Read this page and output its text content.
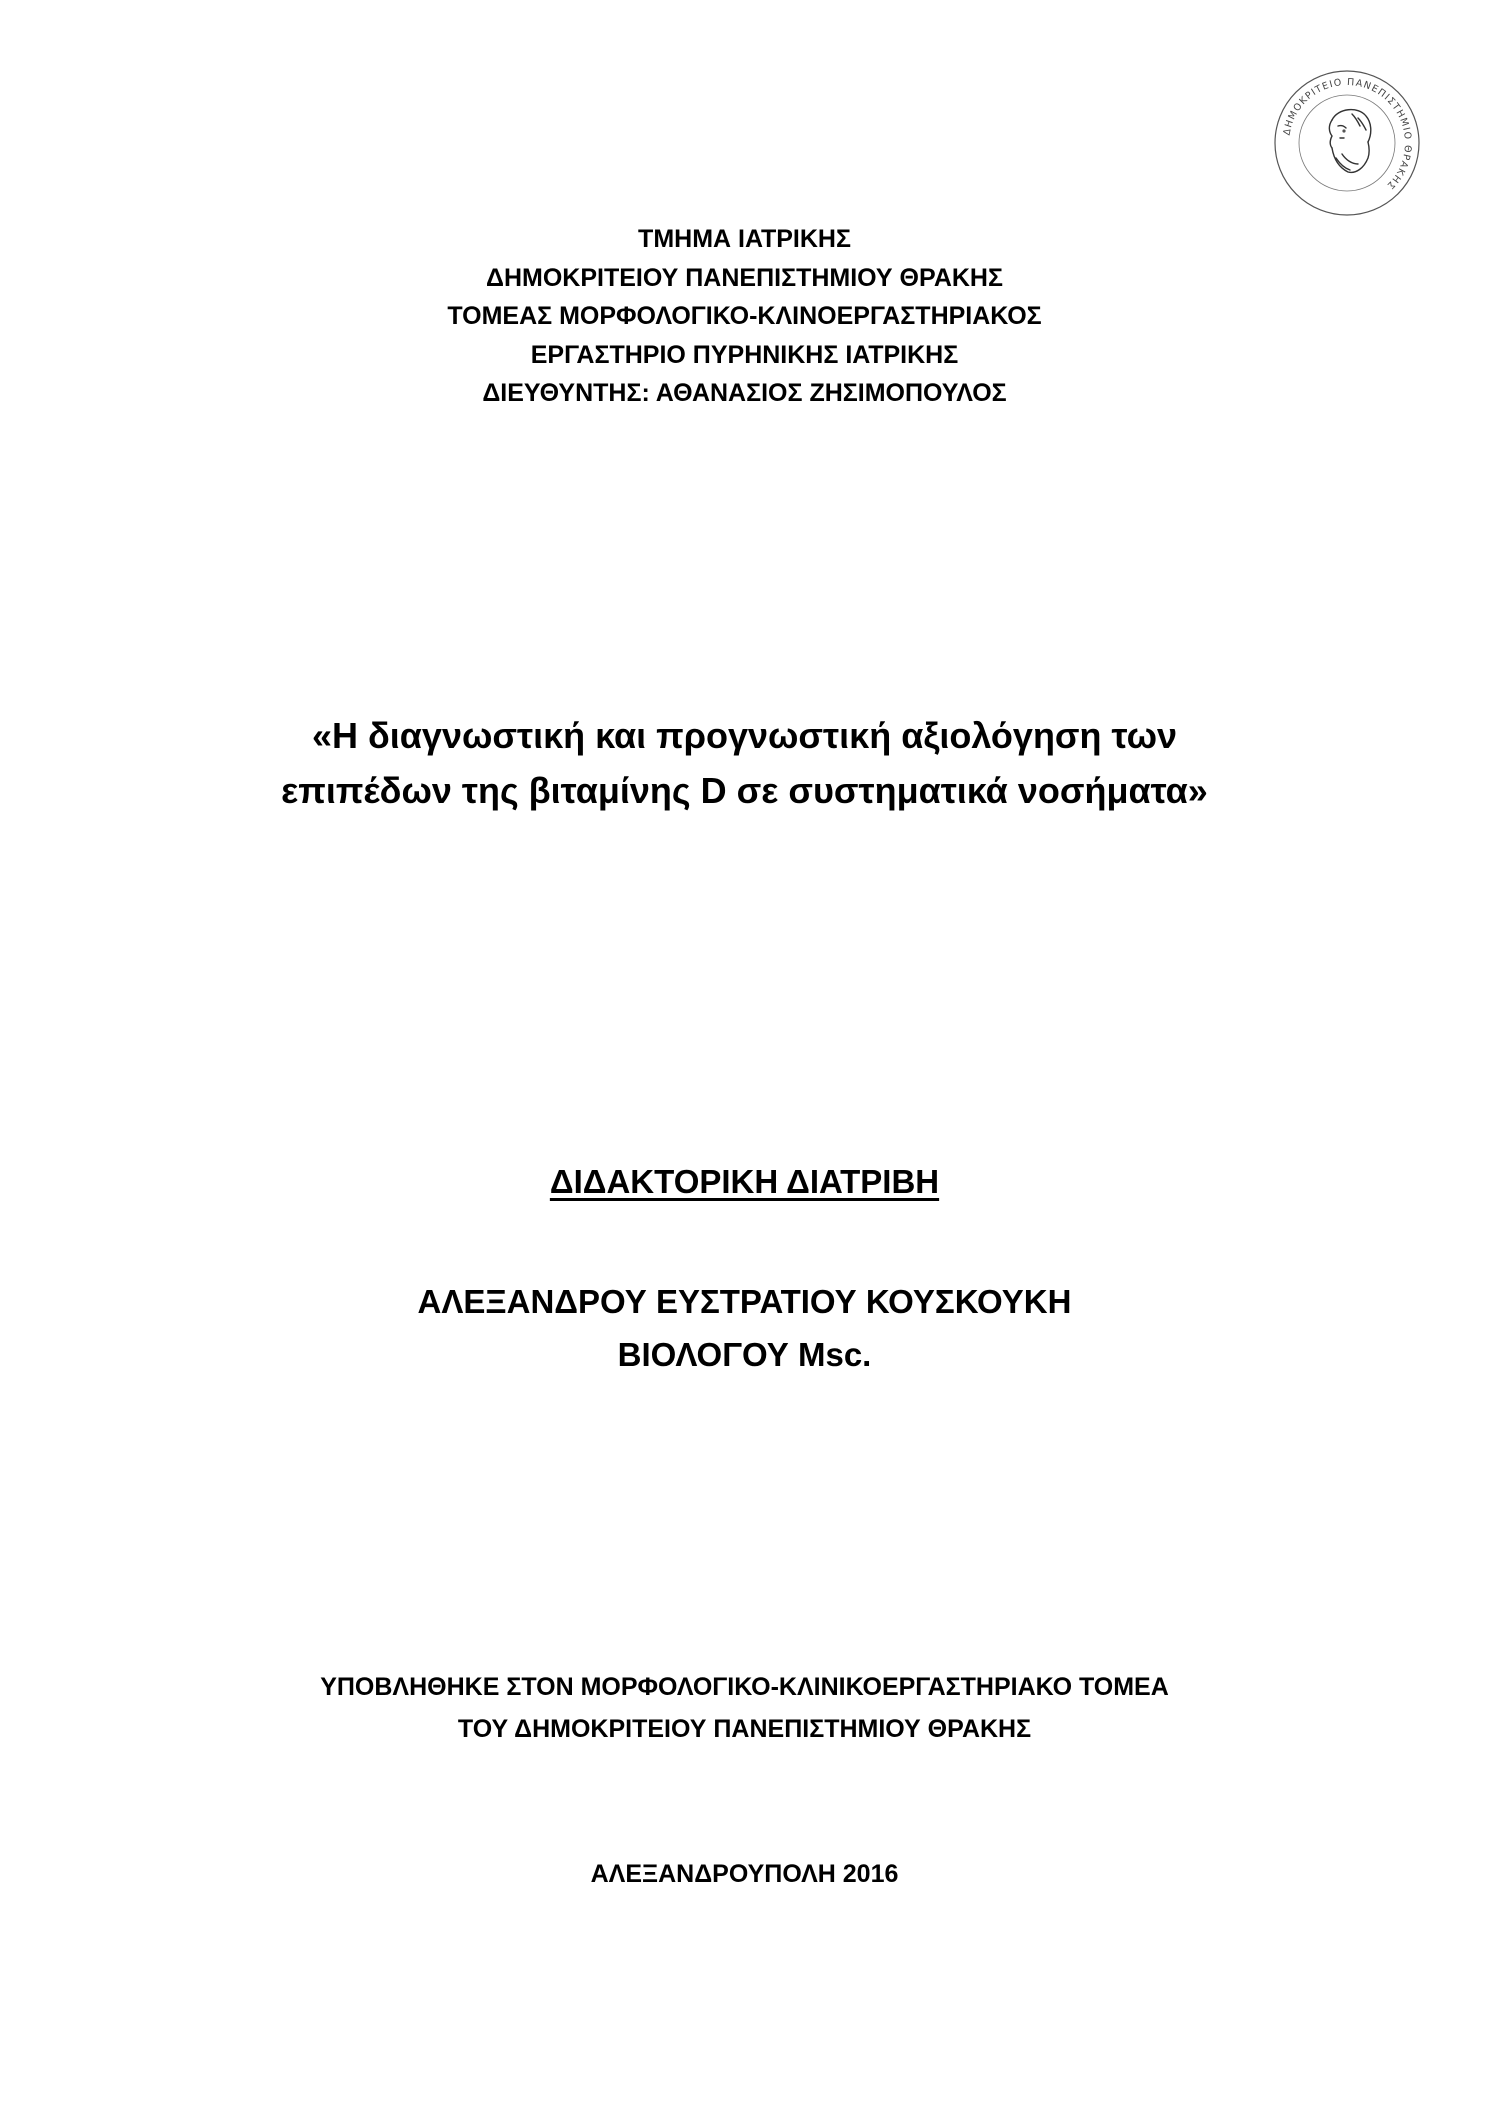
ΔΗΜΟΚΡΙΤΕΙΟ ΠΑΝΕΠΙΣΤΗΜΙΟ ΘΡΑΚΗΣ
ΤΜΗΜΑ ΙΑΤΡΙΚΗΣ
ΔΗΜΟΚΡΙΤΕΙΟΥ ΠΑΝΕΠΙΣΤΗΜΙΟΥ ΘΡΑΚΗΣ
ΤΟΜΕΑΣ ΜΟΡΦΟΛΟΓΙΚΟ-ΚΛΙΝΟΕΡΓΑΣΤΗΡΙΑΚΟΣ
ΕΡΓΑΣΤΗΡΙΟ ΠΥΡΗΝΙΚΗΣ ΙΑΤΡΙΚΗΣ
ΔΙΕΥΘΥΝΤΗΣ: ΑΘΑΝΑΣΙΟΣ ΖΗΣΙΜΟΠΟΥΛΟΣ
«Η διαγνωστική και προγνωστική αξιολόγηση των
επιπέδων της βιταμίνης D σε συστηματικά νοσήματα»
ΔΙΔΑΚΤΟΡΙΚΗ ΔΙΑΤΡΙΒΗ
ΑΛΕΞΑΝΔΡΟΥ ΕΥΣΤΡΑΤΙΟΥ ΚΟΥΣΚΟΥΚΗ
ΒΙΟΛΟΓΟΥ Msc.
ΥΠΟΒΛΗΘΗΚΕ ΣΤΟΝ ΜΟΡΦΟΛΟΓΙΚΟ-ΚΛΙΝΙΚΟΕΡΓΑΣΤΗΡΙΑΚΟ ΤΟΜΕΑ
ΤΟΥ ΔΗΜΟΚΡΙΤΕΙΟΥ ΠΑΝΕΠΙΣΤΗΜΙΟΥ ΘΡΑΚΗΣ
ΑΛΕΞΑΝΔΡΟΥΠΟΛΗ 2016
